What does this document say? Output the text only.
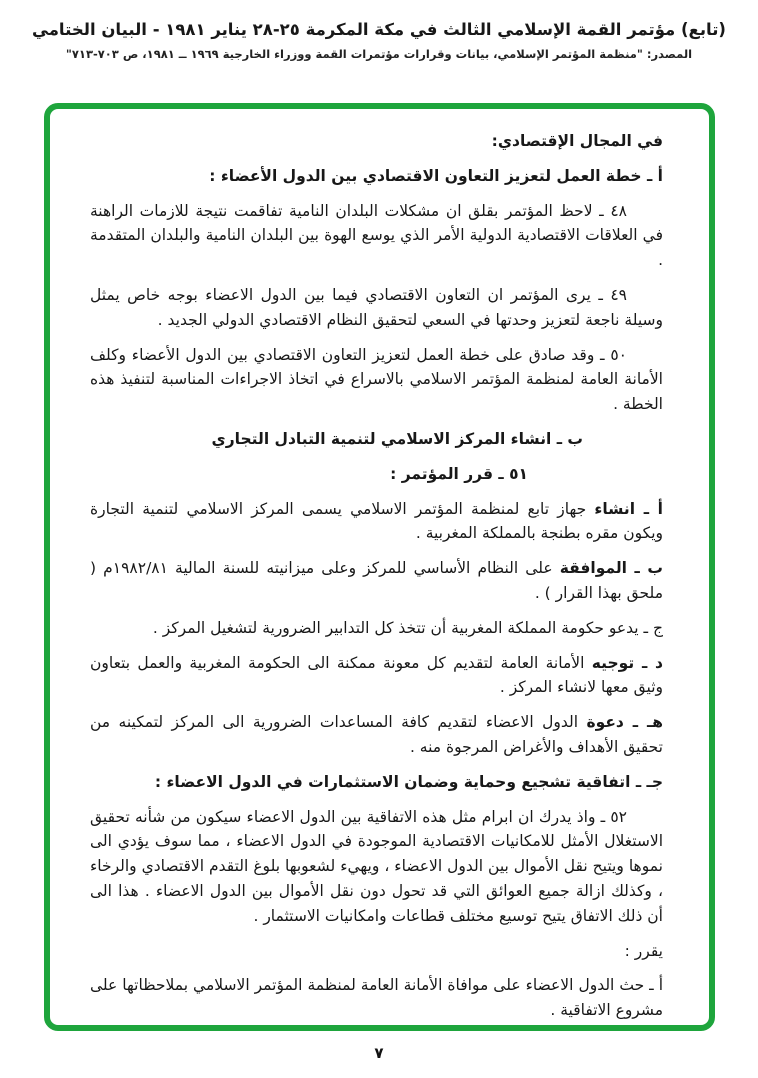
(تابع) مؤتمر القمة الإسلامي الثالث في مكة المكرمة ٢٥-٢٨ يناير ١٩٨١ - البيان الختامي
المصدر: "منظمة المؤتمر الإسلامي، بيانات وقرارات مؤتمرات القمة ووزراء الخارجية ١٩٦٩ ــ ١٩٨١، ص ٧٠٣-٧١٣"

في المجال الإقتصادي:

أ ـ خطة العمل لتعزيز التعاون الاقتصادي بين الدول الأعضاء :

٤٨ ـ لاحظ المؤتمر بقلق ان مشكلات البلدان النامية تفاقمت نتيجة للازمات الراهنة في العلاقات الاقتصادية الدولية الأمر الذي يوسع الهوة بين البلدان النامية والبلدان المتقدمة .

٤٩ ـ يرى المؤتمر ان التعاون الاقتصادي فيما بين الدول الاعضاء بوجه خاص يمثل وسيلة ناجعة لتعزيز وحدتها في السعي لتحقيق النظام الاقتصادي الدولي الجديد .

٥٠ ـ وقد صادق على خطة العمل لتعزيز التعاون الاقتصادي بين الدول الأعضاء وكلف الأمانة العامة لمنظمة المؤتمر الاسلامي بالاسراع في اتخاذ الاجراءات المناسبة لتنفيذ هذه الخطة .

ب ـ انشاء المركز الاسلامي لتنمية التبادل التجاري

٥١ ـ قرر المؤتمر :

أ ـ انشاء جهاز تابع لمنظمة المؤتمر الاسلامي يسمى المركز الاسلامي لتنمية التجارة ويكون مقره بطنجة بالمملكة المغربية .

ب ـ الموافقة على النظام الأساسي للمركز وعلى ميزانيته للسنة المالية ١٩٨٢/٨١م ( ملحق بهذا القرار ) .

ج ـ يدعو حكومة المملكة المغربية أن تتخذ كل التدابير الضرورية لتشغيل المركز .

د ـ توجيه الأمانة العامة لتقديم كل معونة ممكنة الى الحكومة المغربية والعمل بتعاون وثيق معها لانشاء المركز .

هـ ـ دعوة الدول الاعضاء لتقديم كافة المساعدات الضرورية الى المركز لتمكينه من تحقيق الأهداف والأغراض المرجوة منه .

جـ ـ اتفاقية تشجيع وحماية وضمان الاستثمارات في الدول الاعضاء :

٥٢ ـ واذ يدرك ان ابرام مثل هذه الاتفاقية بين الدول الاعضاء سيكون من شأنه تحقيق الاستغلال الأمثل للامكانيات الاقتصادية الموجودة في الدول الاعضاء ، مما سوف يؤدي الى نموها ويتيح نقل الأموال بين الدول الاعضاء ، ويهيء لشعوبها بلوغ التقدم الاقتصادي والرخاء ، وكذلك ازالة جميع العوائق التي قد تحول دون نقل الأموال بين الدول الاعضاء . هذا الى أن ذلك الاتفاق يتيح توسيع مختلف قطاعات وامكانيات الاستثمار .

يقرر :

أ ـ حث الدول الاعضاء على موافاة الأمانة العامة لمنظمة المؤتمر الاسلامي بملاحظاتها على مشروع الاتفاقية .

٧
